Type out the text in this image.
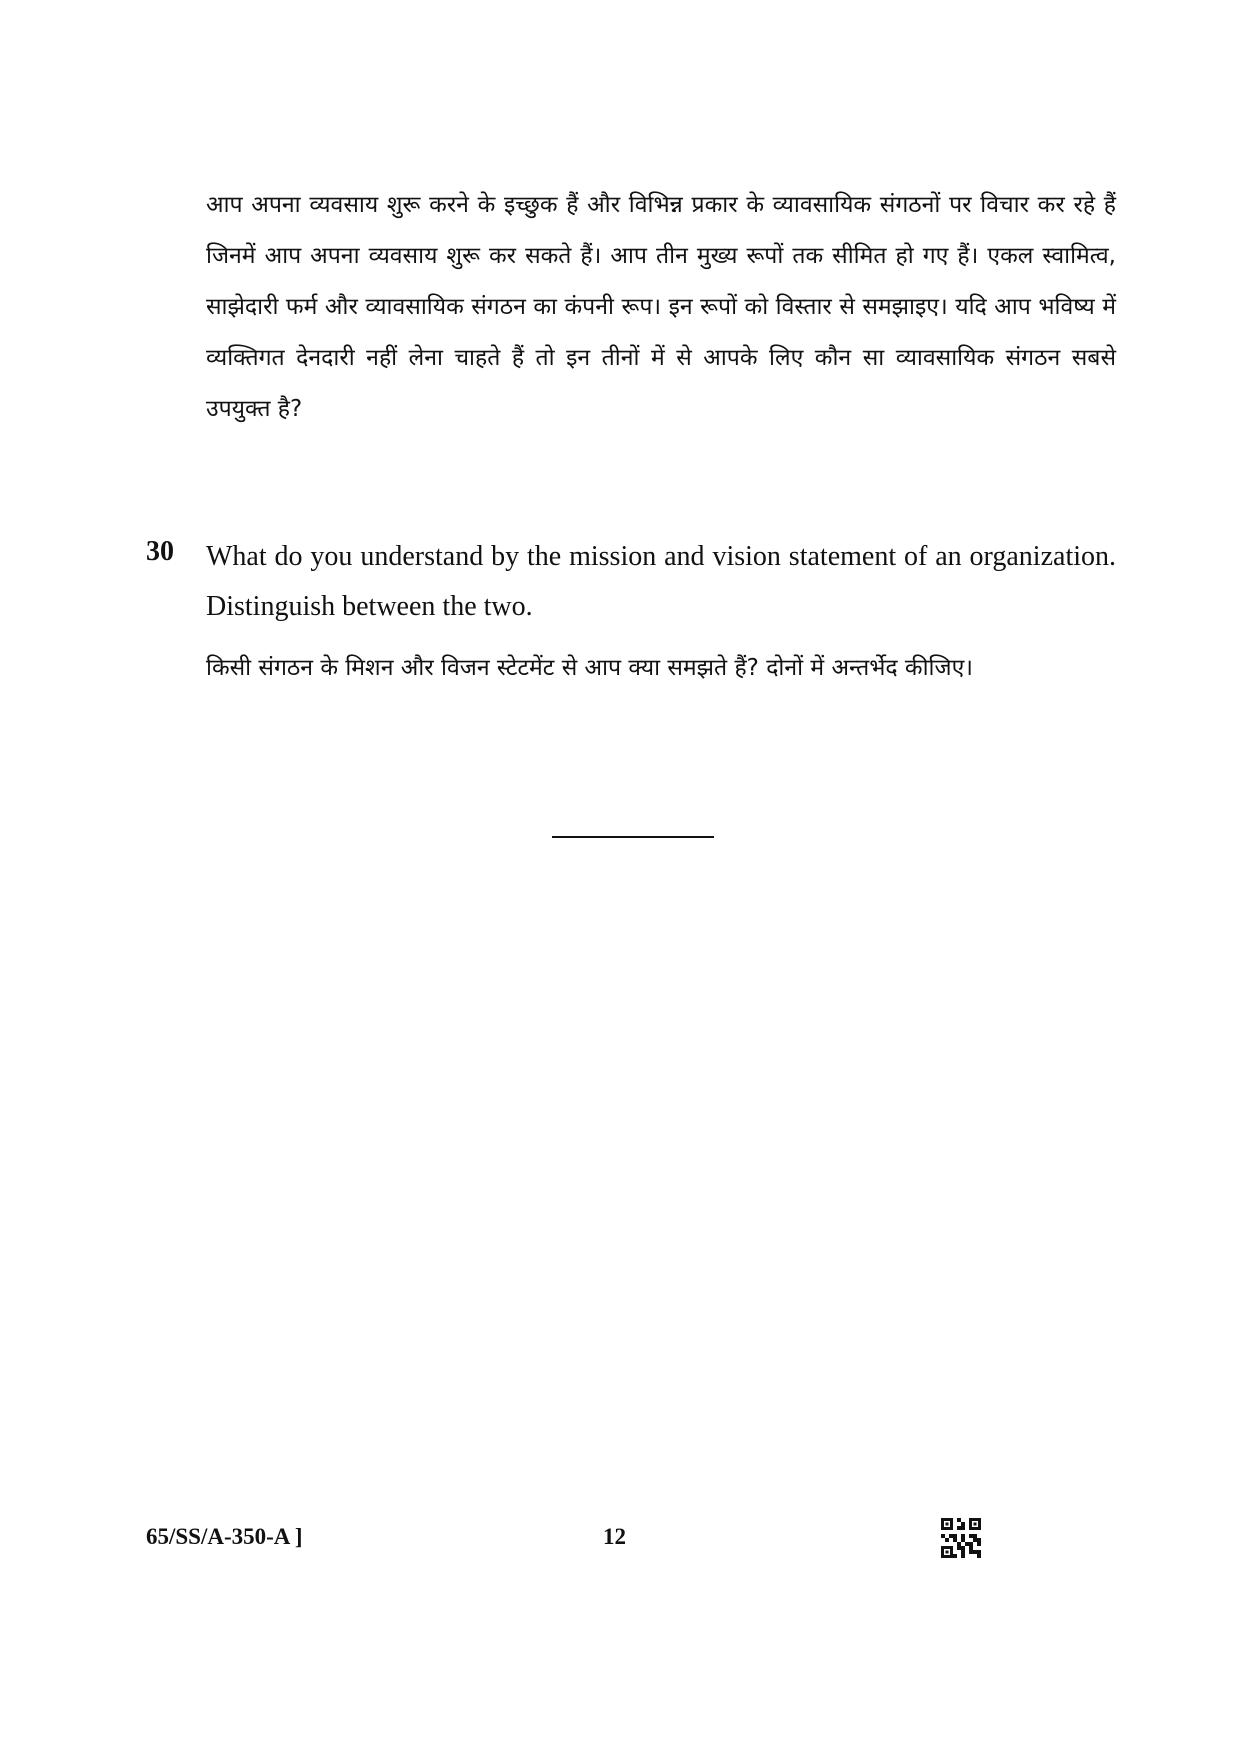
आप अपना व्यवसाय शुरू करने के इच्छुक हैं और विभिन्न प्रकार के व्यावसायिक संगठनों पर विचार कर रहे हैं जिनमें आप अपना व्यवसाय शुरू कर सकते हैं। आप तीन मुख्य रूपों तक सीमित हो गए हैं। एकल स्वामित्व, साझेदारी फर्म और व्यावसायिक संगठन का कंपनी रूप। इन रूपों को विस्तार से समझाइए। यदि आप भविष्य में व्यक्तिगत देनदारी नहीं लेना चाहते हैं तो इन तीनों में से आपके लिए कौन सा व्यावसायिक संगठन सबसे उपयुक्त है?

30 What do you understand by the mission and vision statement of an organization. Distinguish between the two.

किसी संगठन के मिशन और विजन स्टेटमेंट से आप क्या समझते हैं? दोनों में अन्तर्भेद कीजिए।

65/SS/A-350-A ]	12
